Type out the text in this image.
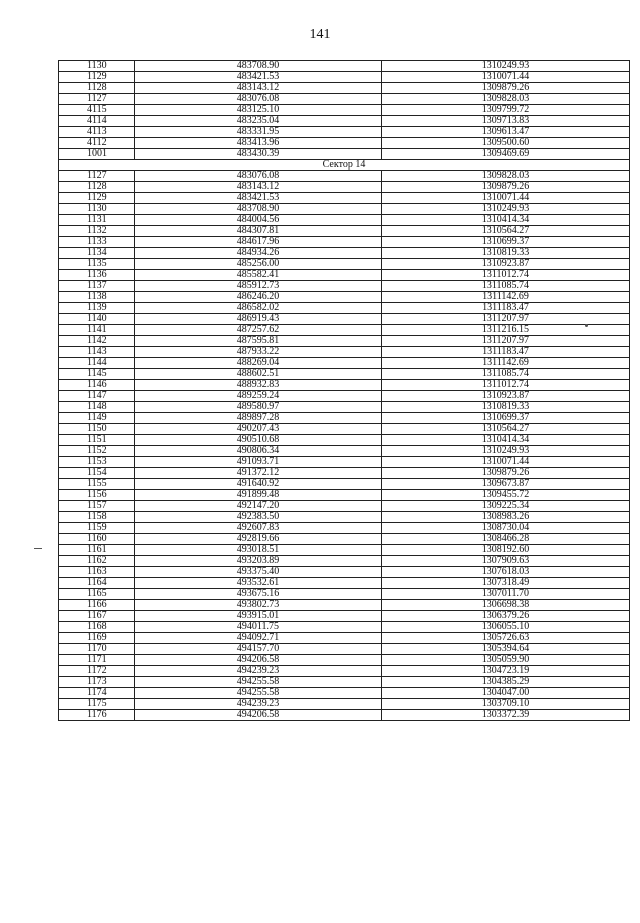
141
1130	483708.90	1310249.93
1129	483421.53	1310071.44
1128	483143.12	1309879.26
1127	483076.08	1309828.03
4115	483125.10	1309799.72
4114	483235.04	1309713.83
4113	483331.95	1309613.47
4112	483413.96	1309500.60
1001	483430.39	1309469.69
Сектор 14		
1127	483076.08	1309828.03
1128	483143.12	1309879.26
1129	483421.53	1310071.44
1130	483708.90	1310249.93
1131	484004.56	1310414.34
1132	484307.81	1310564.27
1133	484617.96	1310699.37
1134	484934.26	1310819.33
1135	485256.00	1310923.87
1136	485582.41	1311012.74
1137	485912.73	1311085.74
1138	486246.20	1311142.69
1139	486582.02	1311183.47
1140	486919.43	1311207.97
1141	487257.62	1311216.15
1142	487595.81	1311207.97
1143	487933.22	1311183.47
1144	488269.04	1311142.69
1145	488602.51	1311085.74
1146	488932.83	1311012.74
1147	489259.24	1310923.87
1148	489580.97	1310819.33
1149	489897.28	1310699.37
1150	490207.43	1310564.27
1151	490510.68	1310414.34
1152	490806.34	1310249.93
1153	491093.71	1310071.44
1154	491372.12	1309879.26
1155	491640.92	1309673.87
1156	491899.48	1309455.72
1157	492147.20	1309225.34
1158	492383.50	1308983.26
1159	492607.83	1308730.04
1160	492819.66	1308466.28
1161	493018.51	1308192.60
1162	493203.89	1307909.63
1163	493375.40	1307618.03
1164	493532.61	1307318.49
1165	493675.16	1307011.70
1166	493802.73	1306698.38
1167	493915.01	1306379.26
1168	494011.75	1306055.10
1169	494092.71	1305726.63
1170	494157.70	1305394.64
1171	494206.58	1305059.90
1172	494239.23	1304723.19
1173	494255.58	1304385.29
1174	494255.58	1304047.00
1175	494239.23	1303709.10
1176	494206.58	1303372.39
